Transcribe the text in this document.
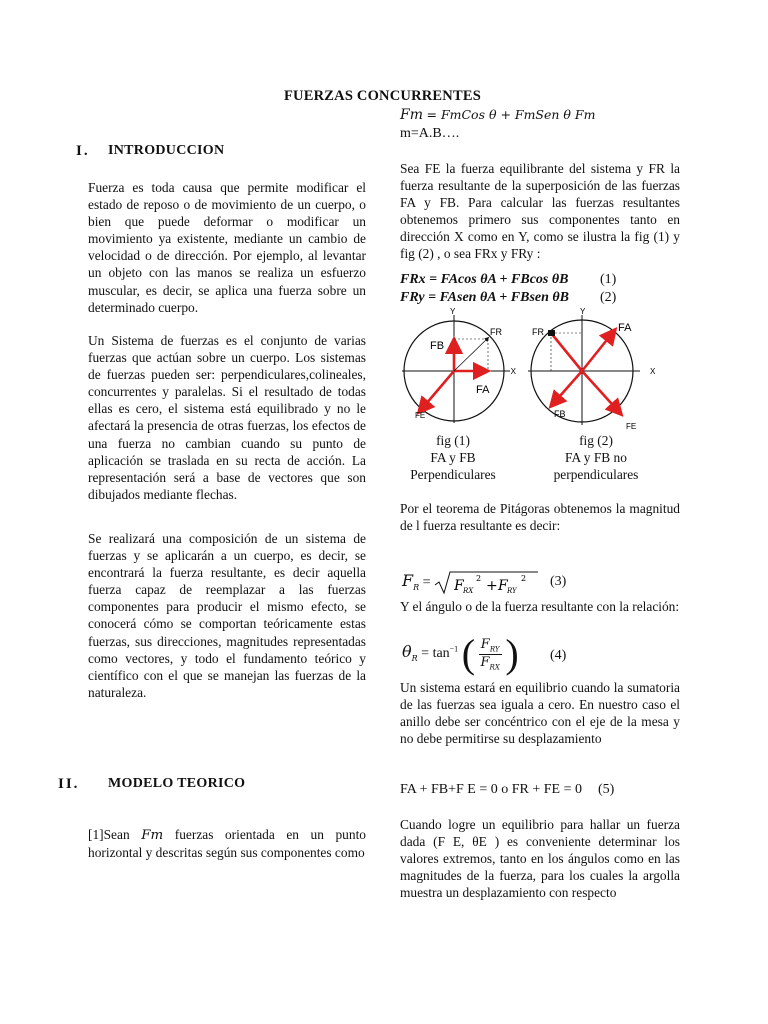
FUERZAS CONCURRENTES
I. INTRODUCCION
Fuerza es toda causa que permite modificar el estado de reposo o de movimiento de un cuerpo, o bien que puede deformar o modificar un movimiento ya existente, mediante un cambio de velocidad o de dirección. Por ejemplo, al levantar un objeto con las manos se realiza un esfuerzo muscular, es decir, se aplica una fuerza sobre un determinado cuerpo.
Un Sistema de fuerzas es el conjunto de varias fuerzas que actúan sobre un cuerpo. Los sistemas de fuerzas pueden ser: perpendiculares,colineales, concurrentes y paralelas. Si el resultado de todas ellas es cero, el sistema está equilibrado y no le afectará la presencia de otras fuerzas, los efectos de una fuerza no cambian cuando su punto de aplicación se traslada en su recta de acción. La representación será a base de vectores que son dibujados mediante flechas.
Se realizará una composición de un sistema de fuerzas y se aplicarán a un cuerpo, es decir, se encontrará la fuerza resultante, es decir aquella fuerza capaz de reemplazar a las fuerzas componentes para producir el mismo efecto, se conocerá cómo se comportan teóricamente estas fuerzas, sus direcciones, magnitudes representadas como vectores, y todo el fundamento teórico y científico con el que se manejan las fuerzas de la naturaleza.
II. MODELO TEORICO
[1]Sean Fm fuerzas orientada en un punto horizontal y descritas según sus componentes como
Fm = FmCos θ + FmSen θ Fm
m=A.B….
Sea FE la fuerza equilibrante del sistema y FR la fuerza resultante de la superposición de las fuerzas FA y FB. Para calcular las fuerzas resultantes obtenemos primero sus componentes tanto en dirección X como en Y, como se ilustra la fig (1) y fig (2) , o sea FRx y FRy :
FRx = FAcos θA + FBcos θB (1)
FRy = FAsen θA + FBsen θB (2)
Y
X
FR
FB
FA
FE
Y
X
FR	FA
FB
FE
fig (1)
FA y FB
Perpendiculares
fig (2)
FA y FB no
perpendiculares
Por el teorema de Pitágoras obtenemos la magnitud de l fuerza resultante es decir:
$F_R = F$ RX
2 + F RY
2 (3)
Y el ángulo o de la fuerza resultante con la relación:
$\theta_R = \tan^{-1}$ ( $\frac{F_{RY}}{F_{RX}}$ ) (4)
Un sistema estará en equilibrio cuando la sumatoria de las fuerzas sea iguala a cero. En nuestro caso el anillo debe ser concéntrico con el eje de la mesa y no debe permitirse su desplazamiento
FA + FB+F E = 0 o FR + FE = 0 (5)
Cuando logre un equilibrio para hallar un fuerza dada (F E, θE ) es conveniente determinar los valores extremos, tanto en los ángulos como en las magnitudes de la fuerza, para los cuales la argolla muestra un desplazamiento con respecto
